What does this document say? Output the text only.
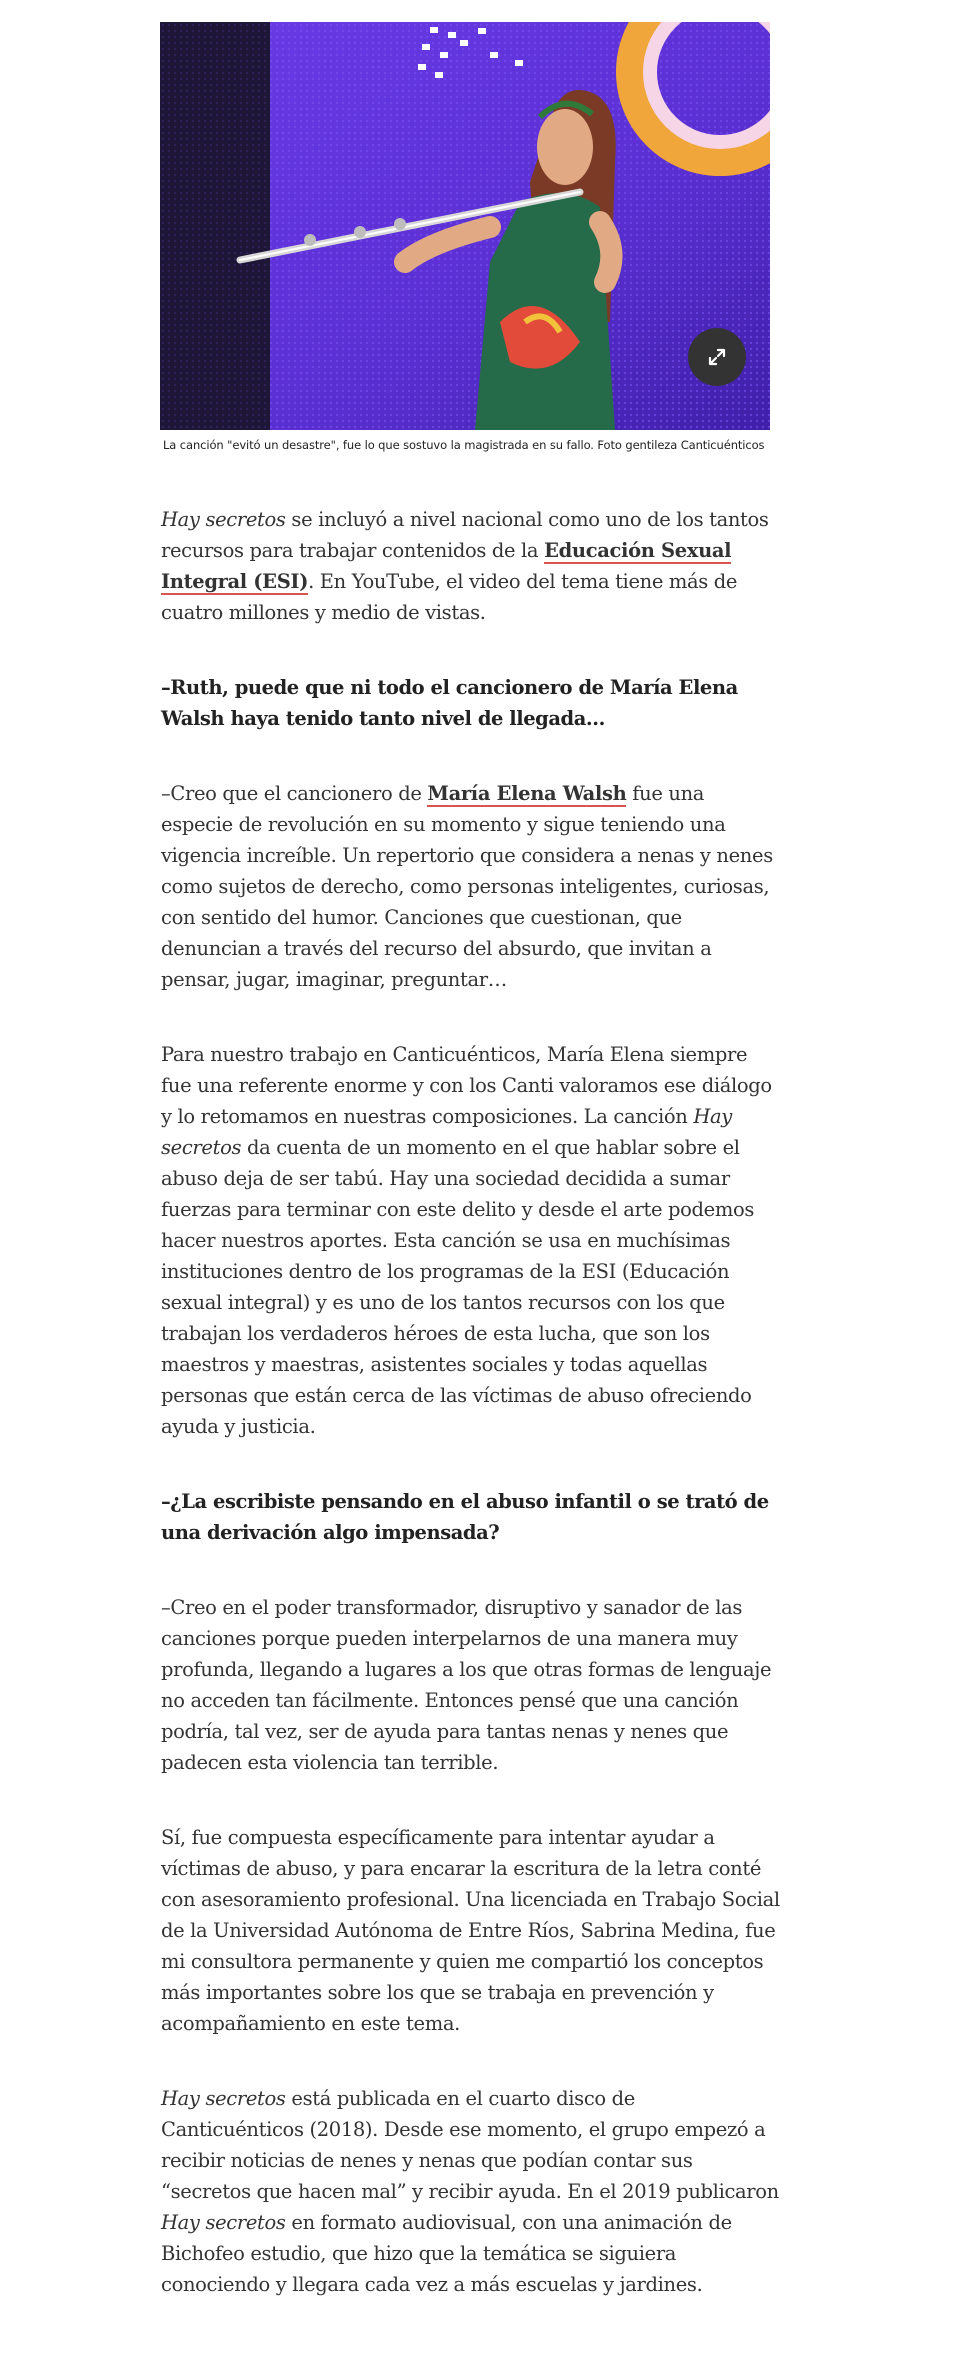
La canción "evitó un desastre", fue lo que sostuvo la magistrada en su fallo. Foto gentileza Canticuénticos

Hay secretos se incluyó a nivel nacional como uno de los tantos recursos para trabajar contenidos de la Educación Sexual Integral (ESI). En YouTube, el video del tema tiene más de cuatro millones y medio de vistas.

–Ruth, puede que ni todo el cancionero de María Elena Walsh haya tenido tanto nivel de llegada…

–Creo que el cancionero de María Elena Walsh fue una especie de revolución en su momento y sigue teniendo una vigencia increíble. Un repertorio que considera a nenas y nenes como sujetos de derecho, como personas inteligentes, curiosas, con sentido del humor. Canciones que cuestionan, que denuncian a través del recurso del absurdo, que invitan a pensar, jugar, imaginar, preguntar…

Para nuestro trabajo en Canticuénticos, María Elena siempre fue una referente enorme y con los Canti valoramos ese diálogo y lo retomamos en nuestras composiciones. La canción Hay secretos da cuenta de un momento en el que hablar sobre el abuso deja de ser tabú. Hay una sociedad decidida a sumar fuerzas para terminar con este delito y desde el arte podemos hacer nuestros aportes. Esta canción se usa en muchísimas instituciones dentro de los programas de la ESI (Educación sexual integral) y es uno de los tantos recursos con los que trabajan los verdaderos héroes de esta lucha, que son los maestros y maestras, asistentes sociales y todas aquellas personas que están cerca de las víctimas de abuso ofreciendo ayuda y justicia.

–¿La escribiste pensando en el abuso infantil o se trató de una derivación algo impensada?

–Creo en el poder transformador, disruptivo y sanador de las canciones porque pueden interpelarnos de una manera muy profunda, llegando a lugares a los que otras formas de lenguaje no acceden tan fácilmente. Entonces pensé que una canción podría, tal vez, ser de ayuda para tantas nenas y nenes que padecen esta violencia tan terrible.

Sí, fue compuesta específicamente para intentar ayudar a víctimas de abuso, y para encarar la escritura de la letra conté con asesoramiento profesional. Una licenciada en Trabajo Social de la Universidad Autónoma de Entre Ríos, Sabrina Medina, fue mi consultora permanente y quien me compartió los conceptos más importantes sobre los que se trabaja en prevención y acompañamiento en este tema.

Hay secretos está publicada en el cuarto disco de Canticuénticos (2018). Desde ese momento, el grupo empezó a recibir noticias de nenes y nenas que podían contar sus “secretos que hacen mal” y recibir ayuda. En el 2019 publicaron Hay secretos en formato audiovisual, con una animación de Bichofeo estudio, que hizo que la temática se siguiera conociendo y llegara cada vez a más escuelas y jardines.
